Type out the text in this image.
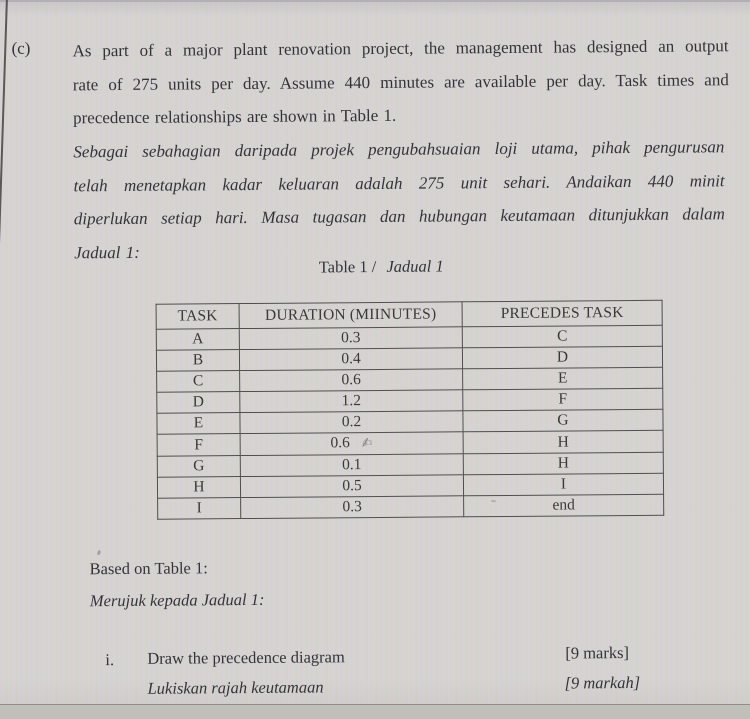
(c) As part of a major plant renovation project, the management has designed an output
rate of 275 units per day. Assume 440 minutes are available per day. Task times and
precedence relationships are shown in Table 1.
Sebagai sebahagian daripada projek pengubahsuaian loji utama, pihak pengurusan
telah menetapkan kadar keluaran adalah 275 unit sehari. Andaikan 440 minit
diperlukan setiap hari. Masa tugasan dan hubungan keutamaan ditunjukkan dalam
Jadual 1:
Table 1 / Jadual 1
TASK	DURATION (MIINUTES)	PRECEDES TASK
A	0.3	C
B	0.4	D
C	0.6	E
D	1.2	F
E	0.2	G
F	0.6 ✍	H
G	0.1	H
H	0.5	I
I	0.3	end
Based on Table 1:
Merujuk kepada Jadual 1:
i. Draw the precedence diagram	[9 marks]
Lukiskan rajah keutamaan	[9 markah]
